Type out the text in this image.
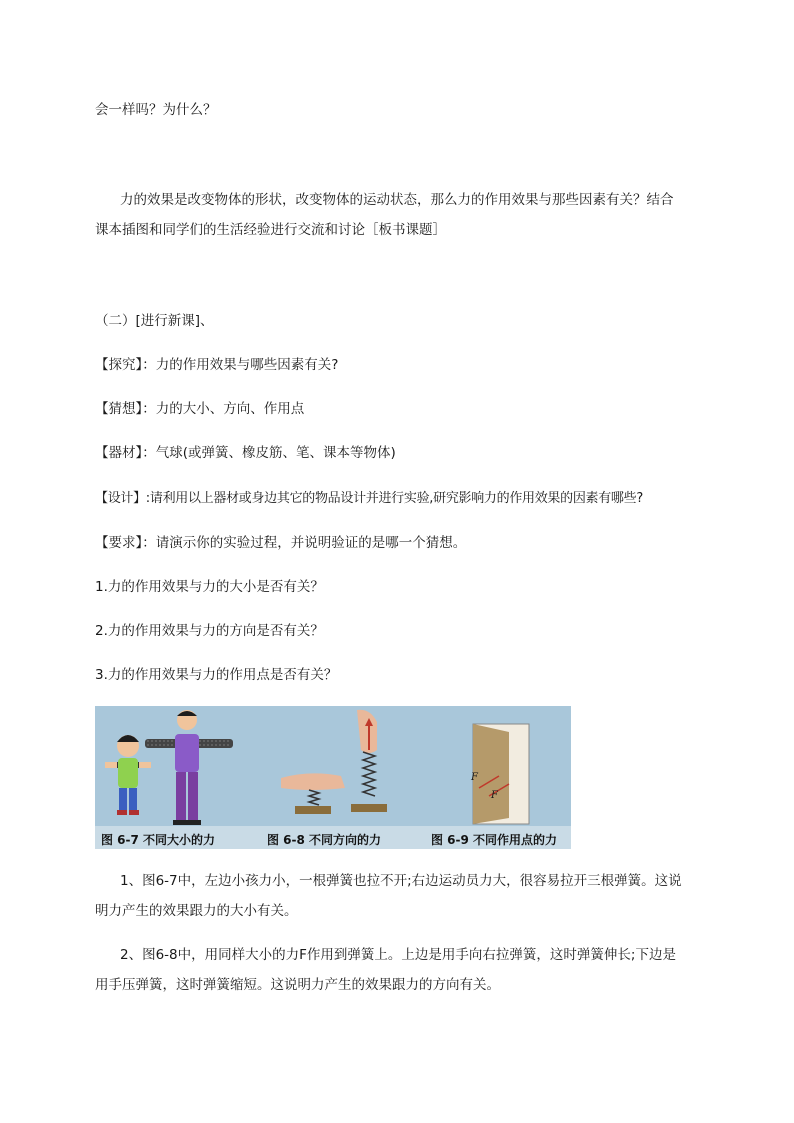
会一样吗？为什么？
力的效果是改变物体的形状，改变物体的运动状态，那么力的作用效果与那些因素有关？结合
课本插图和同学们的生活经验进行交流和讨论［板书课题］
（二）[进行新课]、
【探究】：力的作用效果与哪些因素有关?
【猜想】：力的大小、方向、作用点
【器材】：气球(或弹簧、橡皮筋、笔、课本等物体)
【设计】:请利用以上器材或身边其它的物品设计并进行实验,研究影响力的作用效果的因素有哪些?
【要求】：请演示你的实验过程，并说明验证的是哪一个猜想。
1.力的作用效果与力的大小是否有关？
2.力的作用效果与力的方向是否有关？
3.力的作用效果与力的作用点是否有关？
F
F
图 6-7 不同大小的力	图 6-8 不同方向的力	图 6-9 不同作用点的力
1、图6-7中，左边小孩力小，一根弹簧也拉不开;右边运动员力大，很容易拉开三根弹簧。这说
明力产生的效果跟力的大小有关。
2、图6-8中，用同样大小的力F作用到弹簧上。上边是用手向右拉弹簧，这时弹簧伸长;下边是
用手压弹簧，这时弹簧缩短。这说明力产生的效果跟力的方向有关。
